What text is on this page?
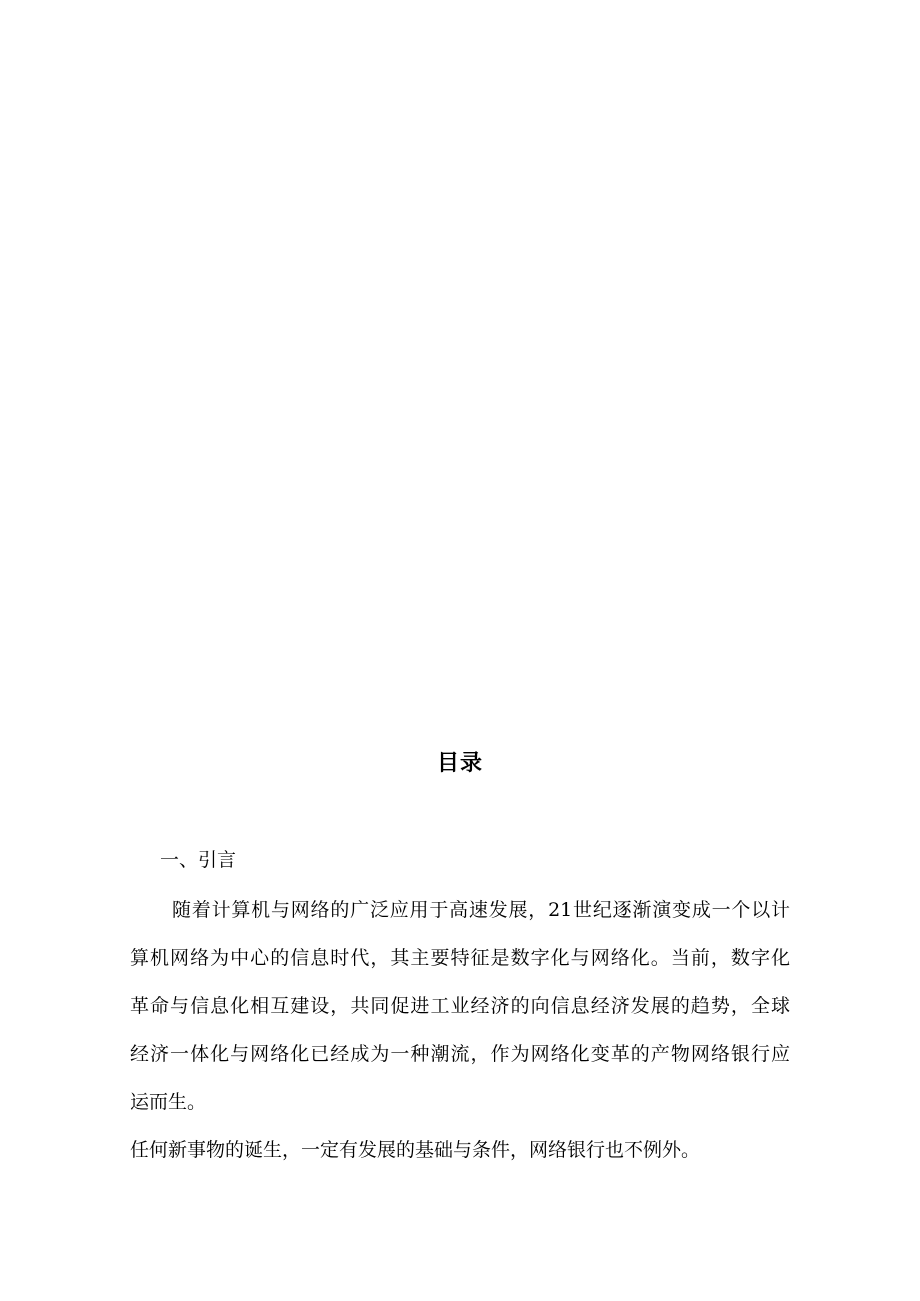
目录
一、引言
随着计算机与网络的广泛应用于高速发展，21世纪逐渐演变成一个以计
算机网络为中心的信息时代，其主要特征是数字化与网络化。当前，数字化
革命与信息化相互建设，共同促进工业经济的向信息经济发展的趋势，全球
经济一体化与网络化已经成为一种潮流，作为网络化变革的产物网络银行应
运而生。
任何新事物的诞生，一定有发展的基础与条件，网络银行也不例外。
